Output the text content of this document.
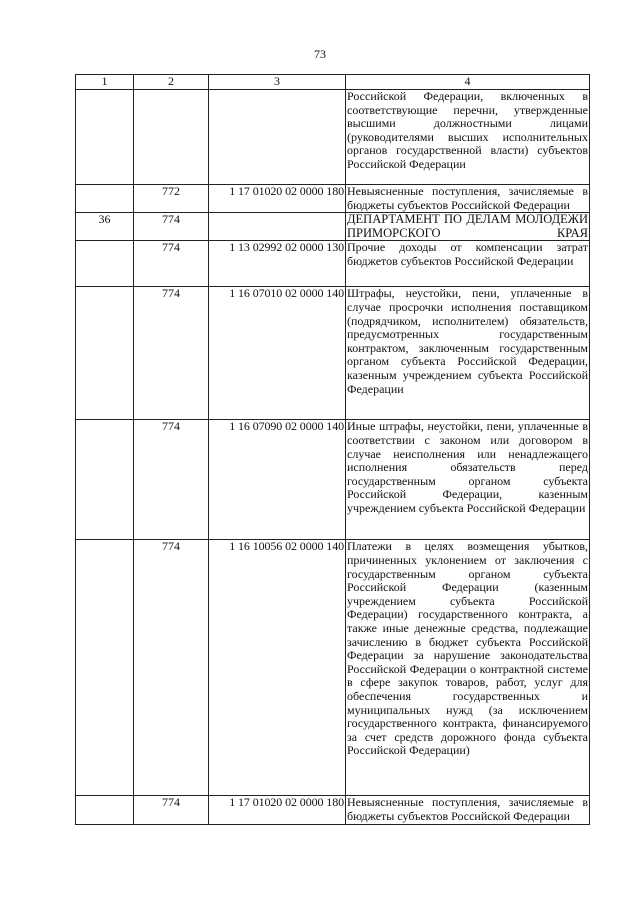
73
1	2	3	4
			Российской Федерации, включенных в соответствующие перечни, утвержденные высшими должностными лицами (руководителями высших исполнительных органов государственной власти) субъектов Российской Федерации
	772	1 17 01020 02 0000 180	Невыясненные поступления, зачисляемые в бюджеты субъектов Российской Федерации
36	774		ДЕПАРТАМЕНТ ПО ДЕЛАМ МОЛОДЕЖИ ПРИМОРСКОГО КРАЯ
	774	1 13 02992 02 0000 130	Прочие доходы от компенсации затрат бюджетов субъектов Российской Федерации
	774	1 16 07010 02 0000 140	Штрафы, неустойки, пени, уплаченные в случае просрочки исполнения поставщиком (подрядчиком, исполнителем) обязательств, предусмотренных государственным контрактом, заключенным государственным органом субъекта Российской Федерации, казенным учреждением субъекта Российской Федерации
	774	1 16 07090 02 0000 140	Иные штрафы, неустойки, пени, уплаченные в соответствии с законом или договором в случае неисполнения или ненадлежащего исполнения обязательств перед государственным органом субъекта Российской Федерации, казенным учреждением субъекта Российской Федерации
	774	1 16 10056 02 0000 140	Платежи в целях возмещения убытков, причиненных уклонением от заключения с государственным органом субъекта Российской Федерации (казенным учреждением субъекта Российской Федерации) государственного контракта, а также иные денежные средства, подлежащие зачислению в бюджет субъекта Российской Федерации за нарушение законодательства Российской Федерации о контрактной системе в сфере закупок товаров, работ, услуг для обеспечения государственных и муниципальных нужд (за исключением государственного контракта, финансируемого за счет средств дорожного фонда субъекта Российской Федерации)
	774	1 17 01020 02 0000 180	Невыясненные поступления, зачисляемые в бюджеты субъектов Российской Федерации
